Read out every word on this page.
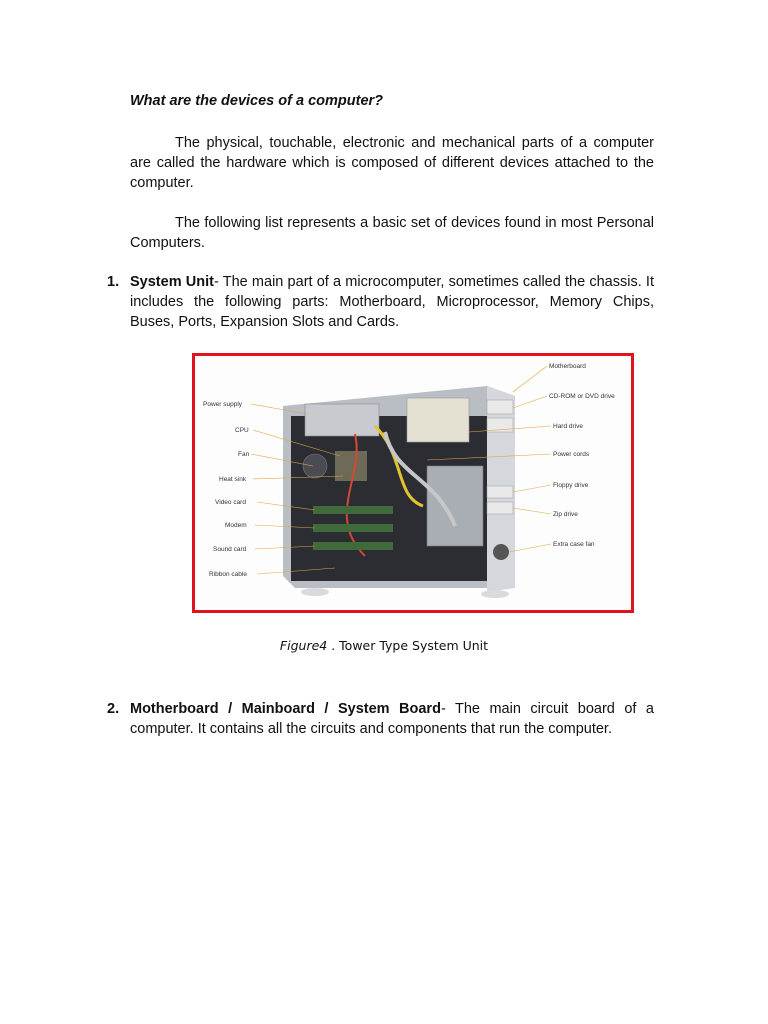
What are the devices of a computer?

The physical, touchable, electronic and mechanical parts of a computer are called the hardware which is composed of different devices attached to the computer.

The following list represents a basic set of devices found in most Personal Computers.

1. System Unit- The main part of a microcomputer, sometimes called the chassis. It includes the following parts: Motherboard, Microprocessor, Memory Chips, Buses, Ports, Expansion Slots and Cards.
Power supply
CPU
Fan
Heat sink
Video card
Modem
Sound card
Ribbon cable
Motherboard
CD-ROM or DVD drive
Hard drive
Power cords
Floppy drive
Zip drive
Extra case fan
Figure4 . Tower Type System Unit
2. Motherboard / Mainboard / System Board- The main circuit board of a computer. It contains all the circuits and components that run the computer.
